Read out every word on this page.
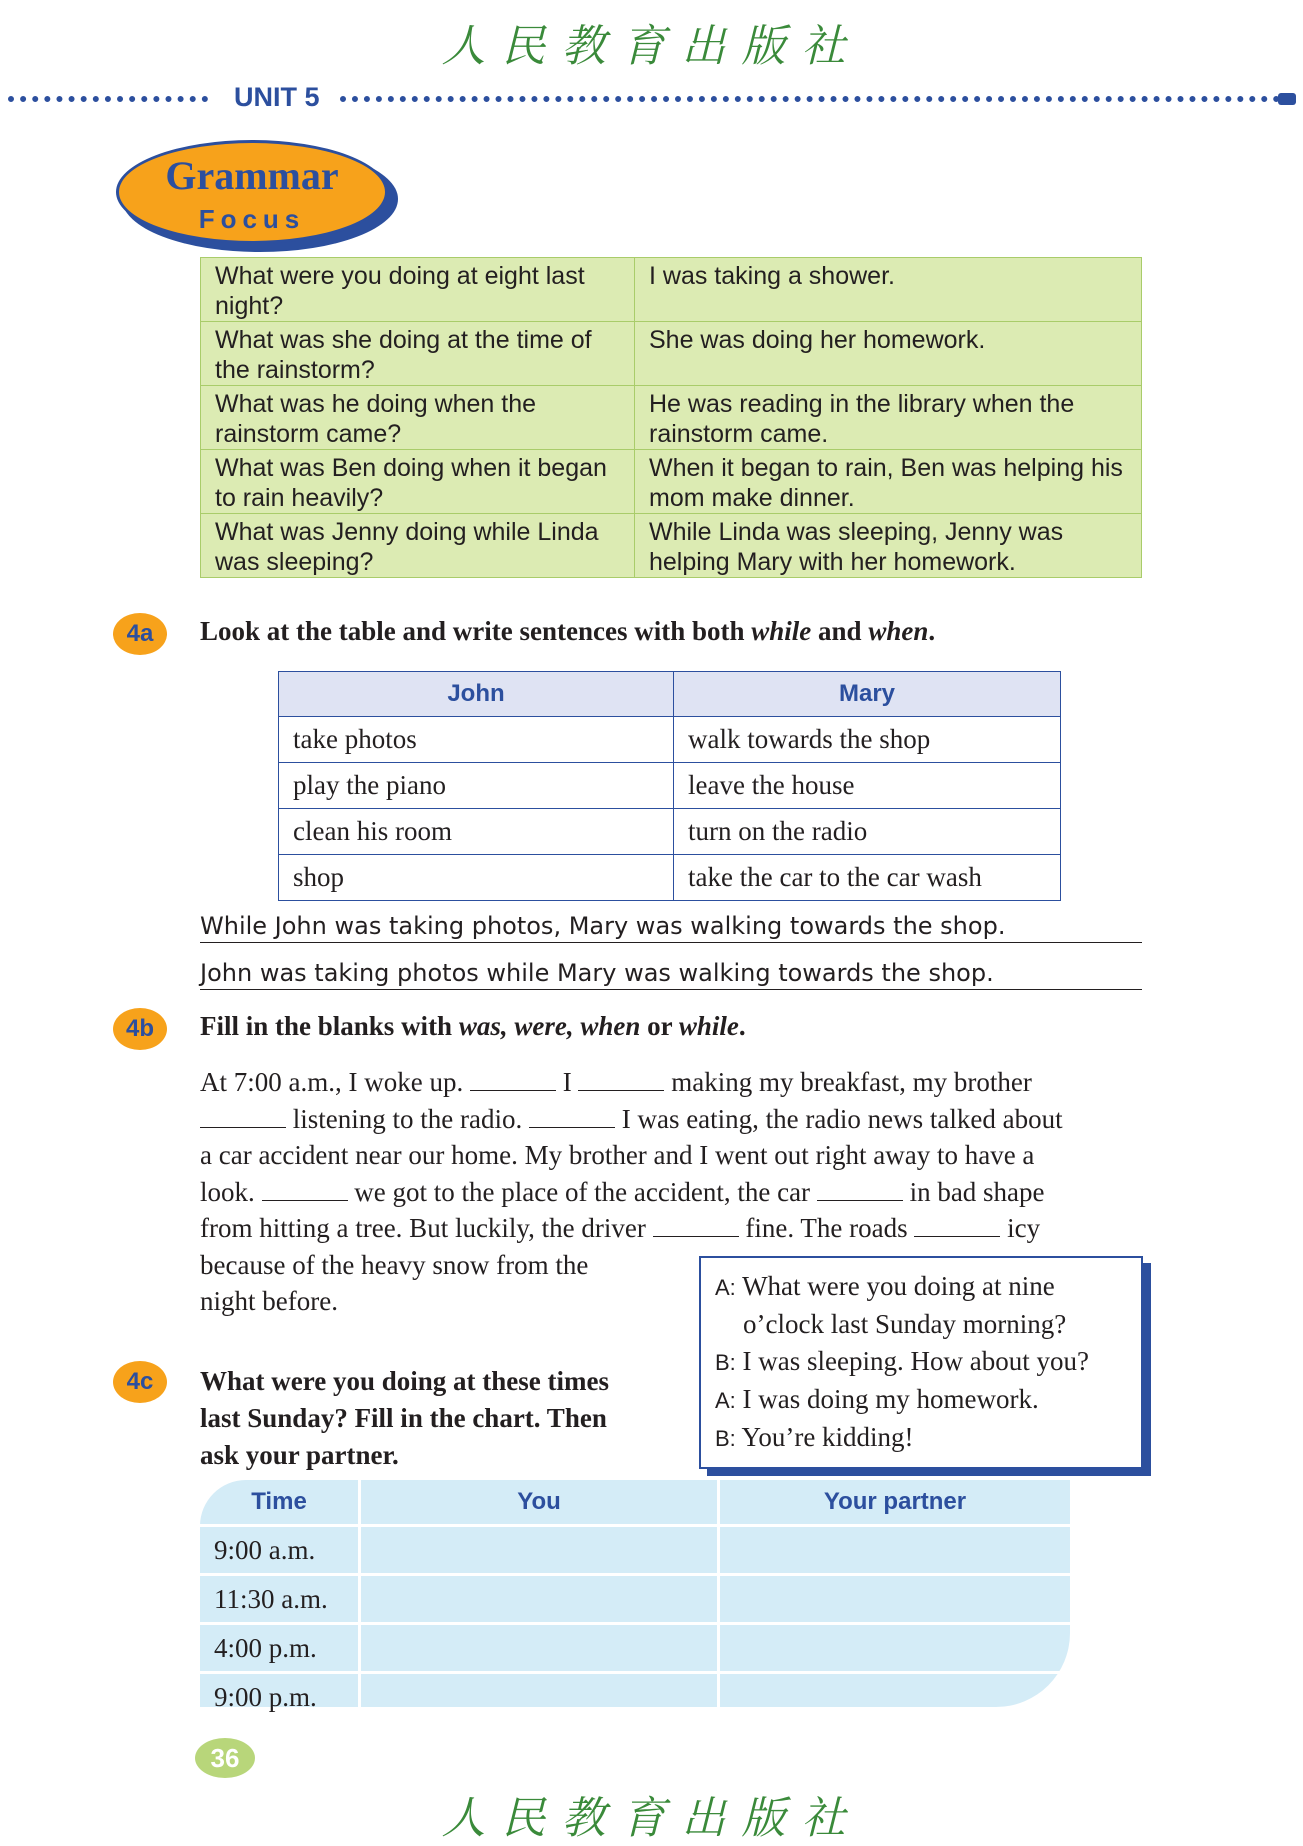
人民教育出版社
UNIT 5
Grammar
Focus
What were you doing at eight last night?	I was taking a shower.
What was she doing at the time of the rainstorm?	She was doing her homework.
What was he doing when the rainstorm came?	He was reading in the library when the rainstorm came.
What was Ben doing when it began to rain heavily?	When it began to rain, Ben was helping his mom make dinner.
What was Jenny doing while Linda was sleeping?	While Linda was sleeping, Jenny was helping Mary with her homework.
4a	Look at the table and write sentences with both while and when.
John	Mary
take photos	walk towards the shop
play the piano	leave the house
clean his room	turn on the radio
shop	take the car to the car wash
While John was taking photos, Mary was walking towards the shop.
John was taking photos while Mary was walking towards the shop.
4b	Fill in the blanks with was, were, when or while.
At 7:00 a.m., I woke up.	I	making my breakfast, my brother
listening to the radio.	I was eating, the radio news talked about
a car accident near our home. My brother and I went out right away to have a
look.	we got to the place of the accident, the car	in bad shape
from hitting a tree. But luckily, the driver	fine. The roads	icy
because of the heavy snow from the
night before.	A: What were you doing at nine
o’clock last Sunday morning?
B: I was sleeping. How about you?
A: I was doing my homework.
B: You’re kidding!
4c	What were you doing at these times
last Sunday? Fill in the chart. Then
ask your partner.
Time	You	Your partner
9:00 a.m.		
11:30 a.m.		
4:00 p.m.		
9:00 p.m.		
36
人民教育出版社
